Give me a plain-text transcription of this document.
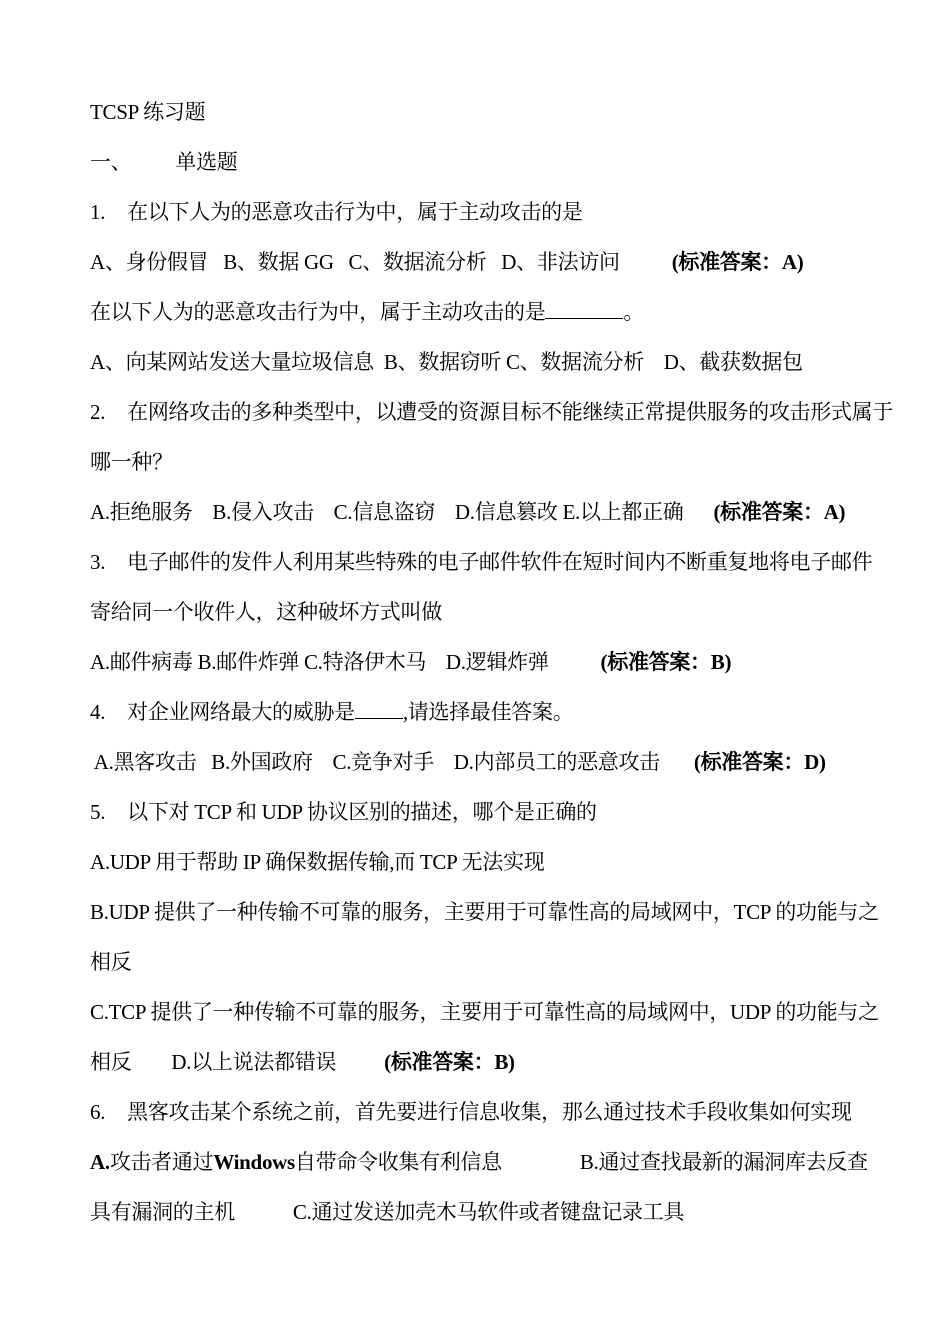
TCSP 练习题
一、 单选题
1. 在以下人为的恶意攻击行为中，属于主动攻击的是
A、身份假冒   B、数据 GG   C、数据流分析   D、非法访问 (标准答案：A)
在以下人为的恶意攻击行为中，属于主动攻击的是	。
A、向某网站发送大量垃圾信息  B、数据窃听 C、数据流分析    D、截获数据包
2. 在网络攻击的多种类型中，以遭受的资源目标不能继续正常提供服务的攻击形式属于
哪一种？
A.拒绝服务    B.侵入攻击    C.信息盗窃    D.信息篡改 E.以上都正确 (标准答案：A)
3. 电子邮件的发件人利用某些特殊的电子邮件软件在短时间内不断重复地将电子邮件
寄给同一个收件人，这种破坏方式叫做
A.邮件病毒 B.邮件炸弹 C.特洛伊木马    D.逻辑炸弹 (标准答案：B)
4. 对企业网络最大的威胁是 ,请选择最佳答案。
A.黑客攻击   B.外国政府    C.竞争对手    D.内部员工的恶意攻击 (标准答案：D)
5. 以下对 TCP 和 UDP 协议区别的描述，哪个是正确的
A.UDP 用于帮助 IP 确保数据传输,而 TCP 无法实现
B.UDP 提供了一种传输不可靠的服务，主要用于可靠性高的局域网中，TCP 的功能与之
相反
C.TCP 提供了一种传输不可靠的服务，主要用于可靠性高的局域网中，UDP 的功能与之
相反 D.以上说法都错误 (标准答案：B)
6. 黑客攻击某个系统之前，首先要进行信息收集，那么通过技术手段收集如何实现
A.攻击者通过Windows自带命令收集有利信息	B.通过查找最新的漏洞库去反查
具有漏洞的主机	C.通过发送加壳木马软件或者键盘记录工具
